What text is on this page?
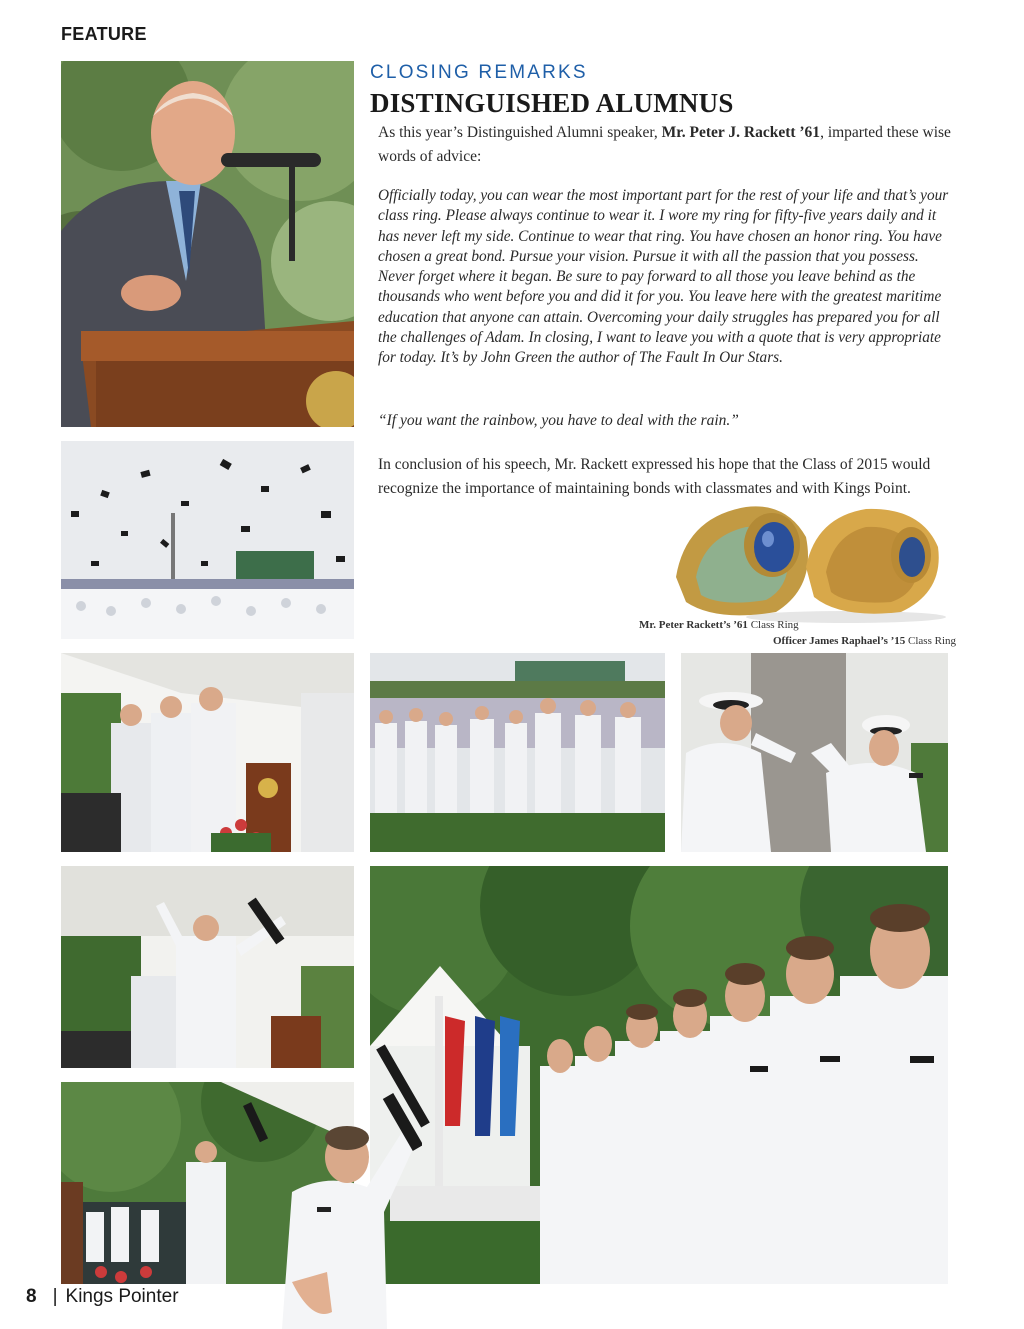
FEATURE
CLOSING REMARKS
DISTINGUISHED ALUMNUS
As this year’s Distinguished Alumni speaker, Mr. Peter J. Rackett ’61, imparted these wise words of advice:
Officially today, you can wear the most important part for the rest of your life and that’s your class ring. Please always continue to wear it. I wore my ring for fifty-five years daily and it has never left my side. Continue to wear that ring. You have chosen an honor ring. You have chosen a great bond. Pursue your vision. Pursue it with all the passion that you possess. Never forget where it began. Be sure to pay forward to all those you leave behind as the thousands who went before you and did it for you. You leave here with the greatest maritime education that anyone can attain. Overcoming your daily struggles has prepared you for all the challenges of Adam. In closing, I want to leave you with a quote that is very appropriate for today. It’s by John Green the author of The Fault In Our Stars.
“If you want the rainbow, you have to deal with the rain.”
In conclusion of his speech, Mr. Rackett expressed his hope that the Class of 2015 would recognize the importance of maintaining bonds with classmates and with Kings Point.
Mr. Peter Rackett’s ’61 Class Ring
Officer James Raphael’s ’15 Class Ring
8 | Kings Pointer
